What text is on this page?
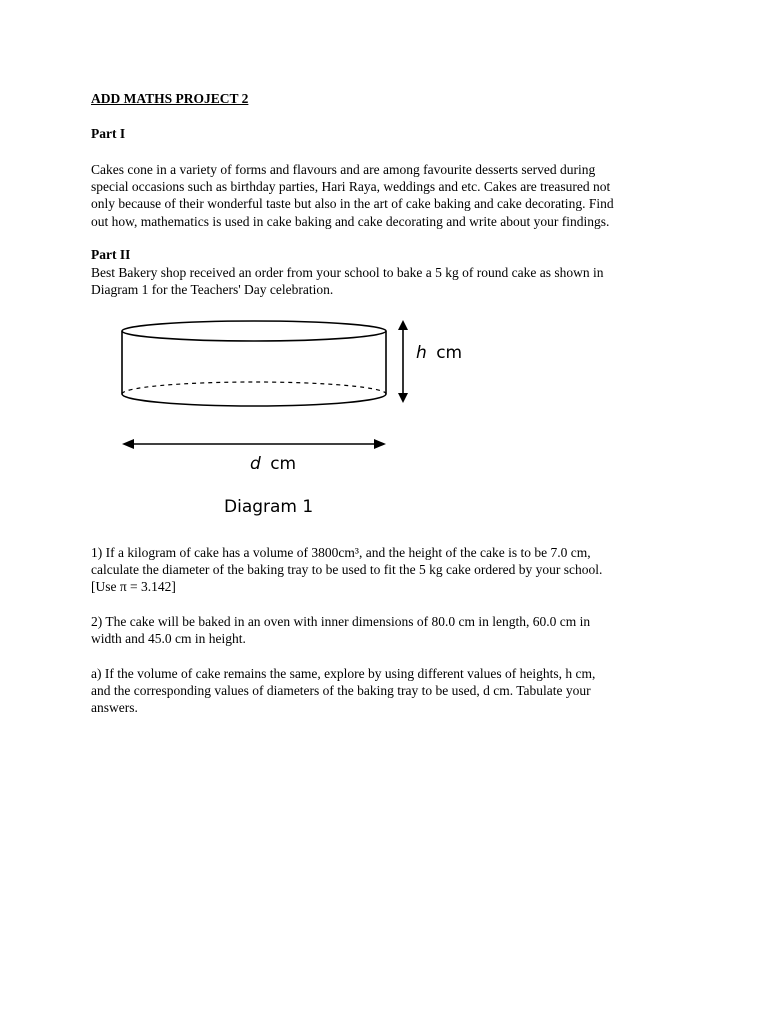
ADD MATHS PROJECT 2
Part I
Cakes cone in a variety of forms and flavours and are among favourite desserts served during
special occasions such as birthday parties, Hari Raya, weddings and etc. Cakes are treasured not
only because of their wonderful taste but also in the art of cake baking and cake decorating. Find
out how, mathematics is used in cake baking and cake decorating and write about your findings.
Part II
Best Bakery shop received an order from your school to bake a 5 kg of round cake as shown in
Diagram 1 for the Teachers' Day celebration.
h cm
d cm
Diagram 1
1) If a kilogram of cake has a volume of 3800cm³, and the height of the cake is to be 7.0 cm,
calculate the diameter of the baking tray to be used to fit the 5 kg cake ordered by your school.
[Use π = 3.142]
2) The cake will be baked in an oven with inner dimensions of 80.0 cm in length, 60.0 cm in
width and 45.0 cm in height.
a) If the volume of cake remains the same, explore by using different values of heights, h cm,
and the corresponding values of diameters of the baking tray to be used, d cm. Tabulate your
answers.
